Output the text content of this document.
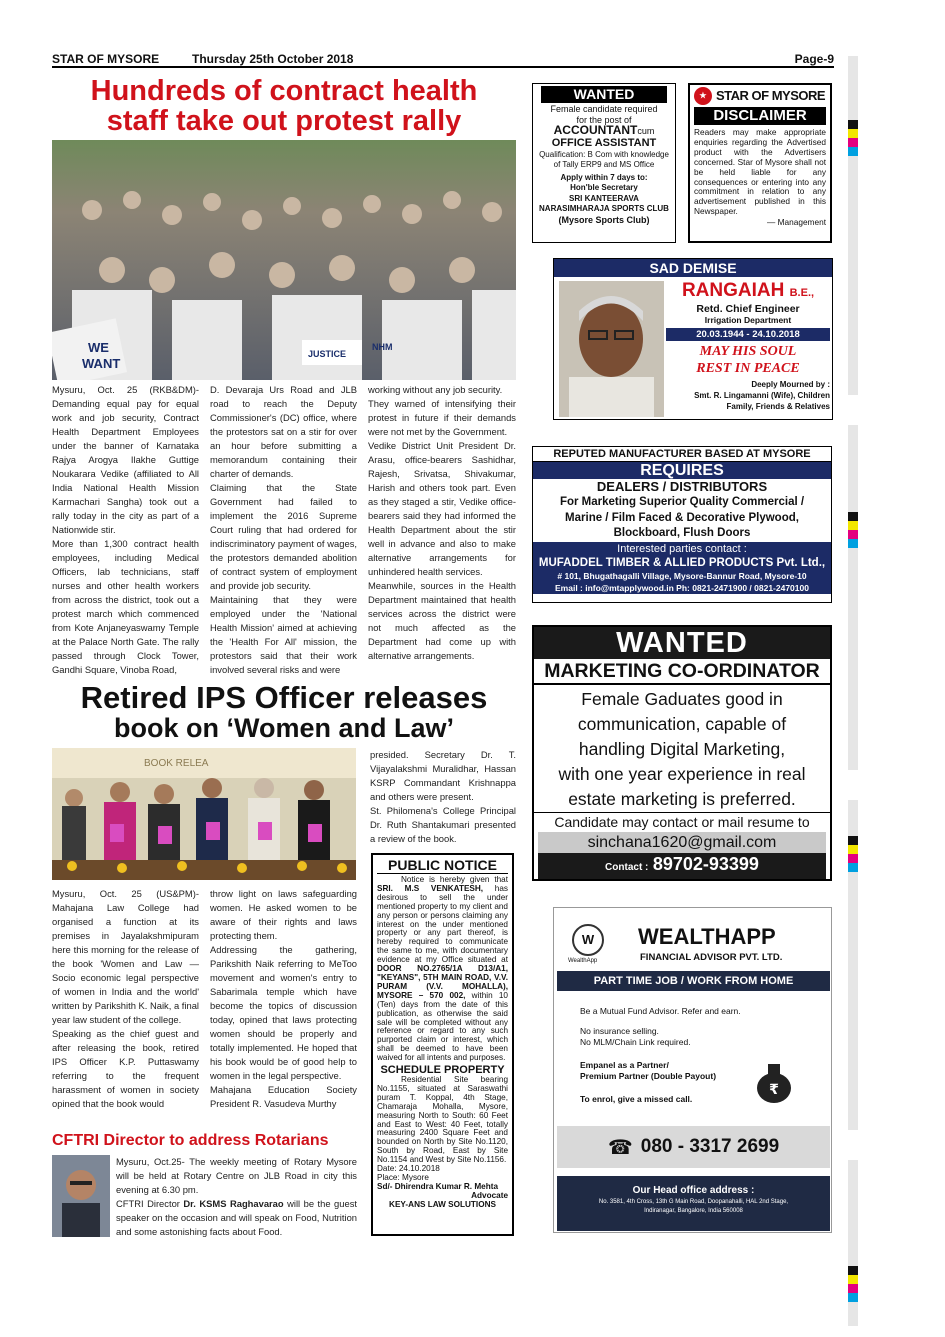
STAR OF MYSORE	Thursday 25th October 2018	Page-9
Hundreds of contract health
staff take out protest rally
WE
WANT
JUSTICE
NHM

Mysuru, Oct. 25 (RKB&DM)- Demanding equal pay for equal work and job security, Contract Health Department Employees under the banner of Karnataka Rajya Arogya Ilakhe Guttige Noukarara Vedike (affiliated to All India National Health Mission Karmachari Sangha) took out a rally today in the city as part of a Nationwide stir.

More than 1,300 contract health employees, including Medical Officers, lab technicians, staff nurses and other health workers from across the district, took out a protest march which commenced from Kote Anjaneyaswamy Temple at the Palace North Gate. The rally passed through Clock Tower, Gandhi Square, Vinoba Road,

D. Devaraja Urs Road and JLB road to reach the Deputy Commissioner's (DC) office, where the protestors sat on a stir for over an hour before submitting a memorandum containing their charter of demands.

Claiming that the State Government had failed to implement the 2016 Supreme Court ruling that had ordered for indiscriminatory payment of wages, the protestors demanded abolition of contract system of employment and provide job security.

Maintaining that they were employed under the 'National Health Mission' aimed at achieving the 'Health For All' mission, the protestors said that their work involved several risks and were

working without any job security.

They warned of intensifying their protest in future if their demands were not met by the Government.

Vedike District Unit President Dr. Arasu, office-bearers Sashidhar, Rajesh, Srivatsa, Shivakumar, Harish and others took part. Even as they staged a stir, Vedike office-bearers said they had informed the Health Department about the stir well in advance and also to make alternative arrangements for unhindered health services.

Meanwhile, sources in the Health Department maintained that health services across the district were not much affected as the Department had come up with alternative arrangements.

Retired IPS Officer releases
book on ‘Women and Law’
BOOK RELEA

presided. Secretary Dr. T. Vijayalakshmi Muralidhar, Hassan KSRP Commandant Krishnappa and others were present.

St. Philomena's College Principal Dr. Ruth Shantakumari presented a review of the book.

Mysuru, Oct. 25 (US&PM)- Mahajana Law College had organised a function at its premises in Jayalakshmipuram here this morning for the release of the book 'Women and Law — Socio economic legal perspective of women in India and the world' written by Parikshith K. Naik, a final year law student of the college.

Speaking as the chief guest and after releasing the book, retired IPS Officer K.P. Puttaswamy referring to the frequent harassment of women in society opined that the book would

throw light on laws safeguarding women. He asked women to be aware of their rights and laws protecting them.

Addressing the gathering, Parikshith Naik referring to MeToo movement and women's entry to Sabarimala temple which have become the topics of discussion today, opined that laws protecting women should be properly and totally implemented. He hoped that his book would be of good help to women in the legal perspective.

Mahajana Education Society President R. Vasudeva Murthy

CFTRI Director to address Rotarians

Mysuru, Oct.25- The weekly meeting of Rotary Mysore will be held at Rotary Centre on JLB Road in city this evening at 6.30 pm.

CFTRI Director Dr. KSMS Raghavarao will be the guest speaker on the occasion and will speak on Food, Nutrition and some astonishing facts about Food.

PUBLIC NOTICE
Notice is hereby given that SRI. M.S VENKATESH, has desirous to sell the under mentioned property to my client and any person or persons claiming any interest on the under mentioned property or any part thereof, is hereby required to communicate the same to me, with documentary evidence at my Office situated at DOOR NO.2765/1A D13/A1, "KEYANS", 5TH MAIN ROAD, V.V. PURAM (V.V. MOHALLA), MYSORE – 570 002, within 10 (Ten) days from the date of this publication, as otherwise the said sale will be completed without any reference or regard to any such purported claim or interest, which shall be deemed to have been waived for all intents and purposes.
SCHEDULE PROPERTY
Residential Site bearing No.1155, situated at Saraswathi puram T. Koppal, 4th Stage, Chamaraja Mohalla, Mysore, measuring North to South: 60 Feet and East to West: 40 Feet, totally measuring 2400 Square Feet and bounded on North by Site No.1120, South by Road, East by Site No.1154 and West by Site No.1156.
Date: 24.10.2018
Place: Mysore
Sd/- Dhirendra Kumar R. Mehta
Advocate
KEY-ANS LAW SOLUTIONS
WANTED
Female candidate required
for the post of
ACCOUNTANTcum
OFFICE ASSISTANT
Qualification: B Com with knowledge
of Tally ERP9 and MS Office
Apply within 7 days to:
Hon'ble Secretary
SRI KANTEERAVA
NARASIMHARAJA SPORTS CLUB
(Mysore Sports Club)
★ STAR OF MYSORE
DISCLAIMER
Readers may make appropriate enquiries regarding the Advertised product with the Advertisers concerned. Star of Mysore shall not be held liable for any consequences or entering into any commitment in relation to any advertisement published in this Newspaper.
— Management
SAD DEMISE
RANGAIAH B.E.,
Retd. Chief Engineer
Irrigation Department
20.03.1944 - 24.10.2018
MAY HIS SOUL
REST IN PEACE
Deeply Mourned by :
Smt. R. Lingamanni (Wife), Children
Family, Friends & Relatives
REPUTED MANUFACTURER BASED AT MYSORE
REQUIRES
DEALERS / DISTRIBUTORS
For Marketing Superior Quality Commercial /
Marine / Film Faced & Decorative Plywood,
Blockboard, Flush Doors
Interested parties contact :
MUFADDEL TIMBER & ALLIED PRODUCTS Pvt. Ltd.,
# 101, Bhugathagalli Village, Mysore-Bannur Road, Mysore-10
Email : info@mtapplywood.in Ph: 0821-2471900 / 0821-2470100
WANTED
MARKETING CO-ORDINATOR
Female Gaduates good in
communication, capable of
handling Digital Marketing,
with one year experience in real
estate marketing is preferred.
Candidate may contact or mail resume to
sinchana1620@gmail.com
Contact : 89702-93399
W
WealthApp
WEALTHAPP
FINANCIAL ADVISOR PVT. LTD.
PART TIME JOB / WORK FROM HOME
Be a Mutual Fund Advisor. Refer and earn.
No insurance selling.
No MLM/Chain Link required.
Empanel as a Partner/
Premium Partner (Double Payout)
To enrol, give a missed call.
₹
☎ 080 - 3317 2699
Our Head office address :
No. 3581, 4th Cross, 13th G Main Road, Doopanahalli, HAL 2nd Stage,
Indiranagar, Bangalore, India 560008
